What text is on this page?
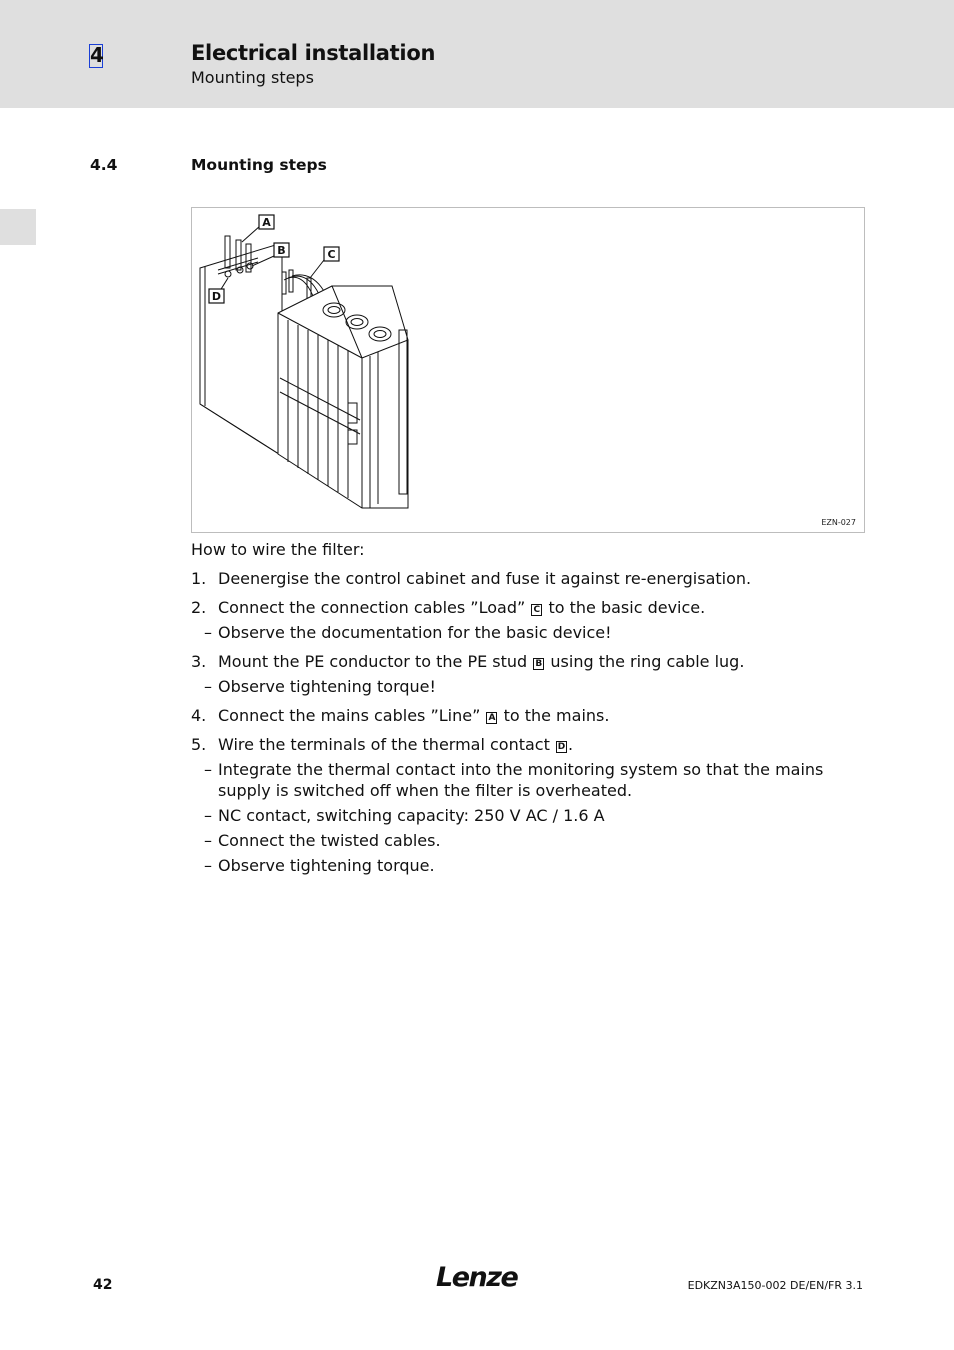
4	Electrical installation
Mounting steps
4.4	Mounting steps
A
B	C
D
EZN-027
How to wire the filter:
1. Deenergise the control cabinet and fuse it against re-energisation.
2. Connect the connection cables ”Load” C to the basic device.
– Observe the documentation for the basic device!
3. Mount the PE conductor to the PE stud B using the ring cable lug.
– Observe tightening torque!
4. Connect the mains cables ”Line” A to the mains.
5. Wire the terminals of the thermal contact D .
– Integrate the thermal contact into the monitoring system so that the mains supply is switched off when the filter is overheated.
– NC contact, switching capacity: 250 V AC / 1.6 A
– Connect the twisted cables.
– Observe tightening torque.
42	Lenze	EDKZN3A150-002 DE/EN/FR 3.1
